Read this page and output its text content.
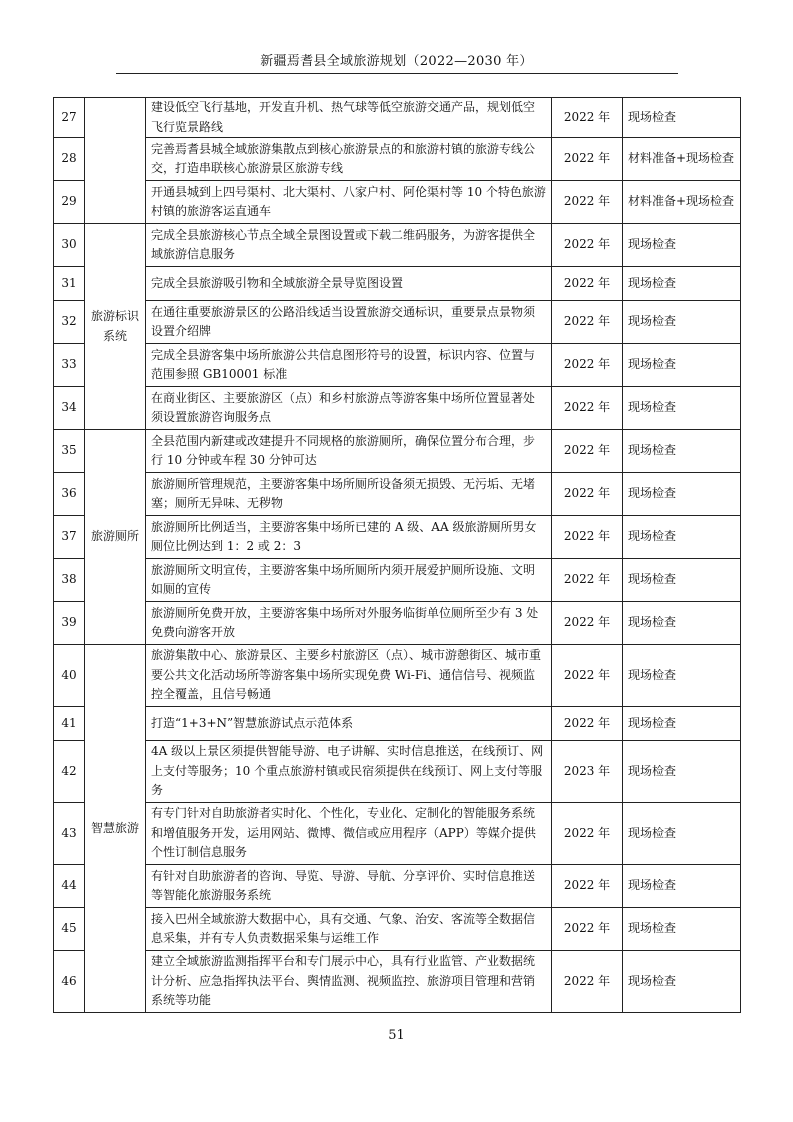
新疆焉耆县全域旅游规划（2022—2030 年）
27		建设低空飞行基地，开发直升机、热气球等低空旅游交通产品，规划低空飞行览景路线	2022 年	现场检查
28		完善焉耆县城全域旅游集散点到核心旅游景点的和旅游村镇的旅游专线公交，打造串联核心旅游景区旅游专线	2022 年	材料准备+现场检查
29		开通县城到上四号渠村、北大渠村、八家户村、阿伦渠村等 10 个特色旅游村镇的旅游客运直通车	2022 年	材料准备+现场检查
30	旅游标识系统	完成全县旅游核心节点全域全景图设置或下载二维码服务，为游客提供全域旅游信息服务	2022 年	现场检查
31		完成全县旅游吸引物和全域旅游全景导览图设置	2022 年	现场检查
32		在通往重要旅游景区的公路沿线适当设置旅游交通标识，重要景点景物须设置介绍牌	2022 年	现场检查
33		完成全县游客集中场所旅游公共信息图形符号的设置，标识内容、位置与范围参照 GB10001 标准	2022 年	现场检查
34		在商业街区、主要旅游区（点）和乡村旅游点等游客集中场所位置显著处须设置旅游咨询服务点	2022 年	现场检查
35	旅游厕所	全县范围内新建或改建提升不同规格的旅游厕所，确保位置分布合理，步行 10 分钟或车程 30 分钟可达	2022 年	现场检查
36		旅游厕所管理规范，主要游客集中场所厕所设备须无损毁、无污垢、无堵塞；厕所无异味、无秽物	2022 年	现场检查
37		旅游厕所比例适当，主要游客集中场所已建的 A 级、AA 级旅游厕所男女厕位比例达到 1：2 或 2：3	2022 年	现场检查
38		旅游厕所文明宣传，主要游客集中场所厕所内须开展爱护厕所设施、文明如厕的宣传	2022 年	现场检查
39		旅游厕所免费开放，主要游客集中场所对外服务临街单位厕所至少有 3 处免费向游客开放	2022 年	现场检查
40	智慧旅游	旅游集散中心、旅游景区、主要乡村旅游区（点）、城市游憩街区、城市重要公共文化活动场所等游客集中场所实现免费 Wi-Fi、通信信号、视频监控全覆盖，且信号畅通	2022 年	现场检查
41		打造“1+3+N”智慧旅游试点示范体系	2022 年	现场检查
42		4A 级以上景区须提供智能导游、电子讲解、实时信息推送，在线预订、网上支付等服务；10 个重点旅游村镇或民宿须提供在线预订、网上支付等服务	2023 年	现场检查
43		有专门针对自助旅游者实时化、个性化，专业化、定制化的智能服务系统和增值服务开发，运用网站、微博、微信或应用程序（APP）等媒介提供个性订制信息服务	2022 年	现场检查
44		有针对自助旅游者的咨询、导览、导游、导航、分享评价、实时信息推送等智能化旅游服务系统	2022 年	现场检查
45		接入巴州全域旅游大数据中心，具有交通、气象、治安、客流等全数据信息采集，并有专人负责数据采集与运维工作	2022 年	现场检查
46		建立全域旅游监测指挥平台和专门展示中心，具有行业监管、产业数据统计分析、应急指挥执法平台、舆情监测、视频监控、旅游项目管理和营销系统等功能	2022 年	现场检查
51
